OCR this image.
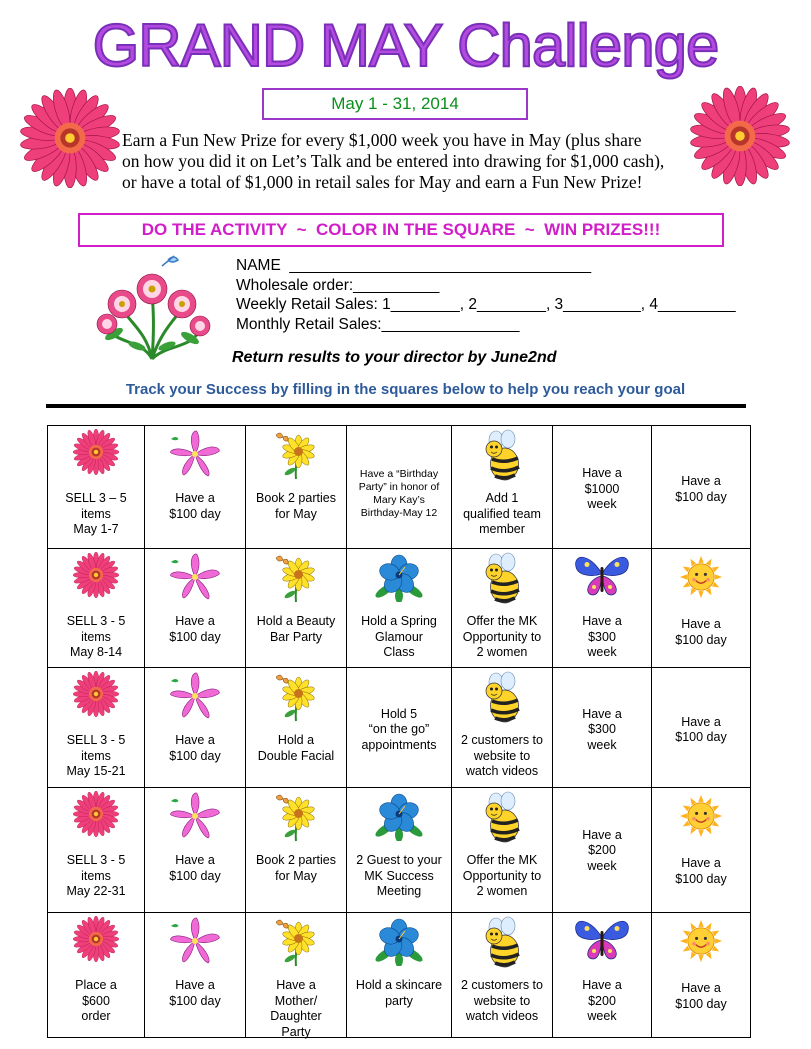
GRAND MAY Challenge
May 1 - 31, 2014
Earn a Fun New Prize for every $1,000 week you have in May (plus share
on how you did it on Let’s Talk and be entered into drawing for $1,000 cash),
or have a total of $1,000 in retail sales for May and earn a Fun New Prize!
DO THE ACTIVITY  ~  COLOR IN THE SQUARE  ~  WIN PRIZES!!!
NAME  ___________________________________
Wholesale order:__________
Weekly Retail Sales: 1________, 2________, 3_________, 4_________
Monthly Retail Sales:________________
Return results to your director by June2nd
Track your Success by filling in the squares below to help you reach your goal
SELL 3 – 5
items
May 1-7	Have a
$100 day	Book 2 parties
for May	Have a “Birthday
Party” in honor of
Mary Kay’s
Birthday-May 12	Add 1
qualified team
member	Have a
$1000
week	Have a
$100 day

SELL 3 - 5
items
May 8-14	Have a
$100 day	Hold a Beauty
Bar Party	Hold a Spring
Glamour
Class	Offer the MK
Opportunity to
2 women	Have a
$300
week	Have a
$100 day

SELL 3 - 5
items
May 15-21	Have a
$100 day	Hold a
Double Facial	Hold 5
“on the go”
appointments	2 customers to
website to
watch videos	Have a
$300
week	Have a
$100 day

SELL 3 - 5
items
May 22-31	Have a
$100 day	Book 2 parties
for May	2 Guest to your
MK Success
Meeting	Offer the MK
Opportunity to
2 women	Have a
$200
week	Have a
$100 day

Place a
$600
order	Have a
$100 day	Have a
Mother/
Daughter
Party	Hold a skincare
party	2 customers to
website to
watch videos	Have a
$200
week	Have a
$100 day
